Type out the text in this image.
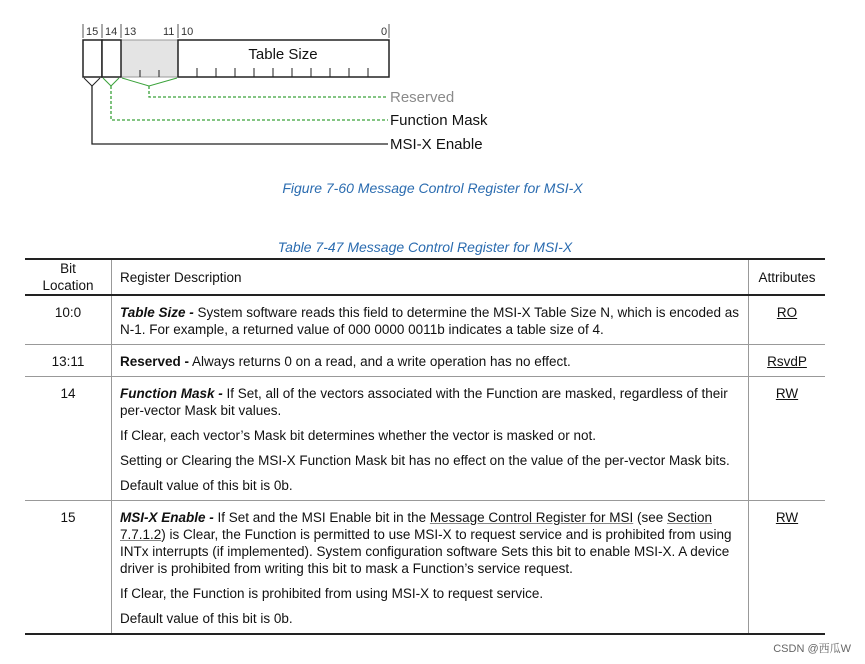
15 14 13 11 10	0
Table Size
Reserved
Function Mask
MSI-X Enable
Figure 7-60 Message Control Register for MSI-X
Table 7-47 Message Control Register for MSI-X
Bit Location	Register Description	Attributes
10:0	Table Size - System software reads this field to determine the MSI-X Table Size N, which is encoded as N-1. For example, a returned value of 000 0000 0011b indicates a table size of 4.	RO
13:11	Reserved - Always returns 0 on a read, and a write operation has no effect.	RsvdP
14	Function Mask - If Set, all of the vectors associated with the Function are masked, regardless of their per-vector Mask bit values.

If Clear, each vector’s Mask bit determines whether the vector is masked or not.

Setting or Clearing the MSI-X Function Mask bit has no effect on the value of the per-vector Mask bits.

Default value of this bit is 0b.	RW
15	MSI-X Enable - If Set and the MSI Enable bit in the Message Control Register for MSI (see Section 7.7.1.2) is Clear, the Function is permitted to use MSI-X to request service and is prohibited from using INTx interrupts (if implemented). System configuration software Sets this bit to enable MSI-X. A device driver is prohibited from writing this bit to mask a Function’s service request.

If Clear, the Function is prohibited from using MSI-X to request service.

Default value of this bit is 0b.	RW
CSDN @西瓜W
